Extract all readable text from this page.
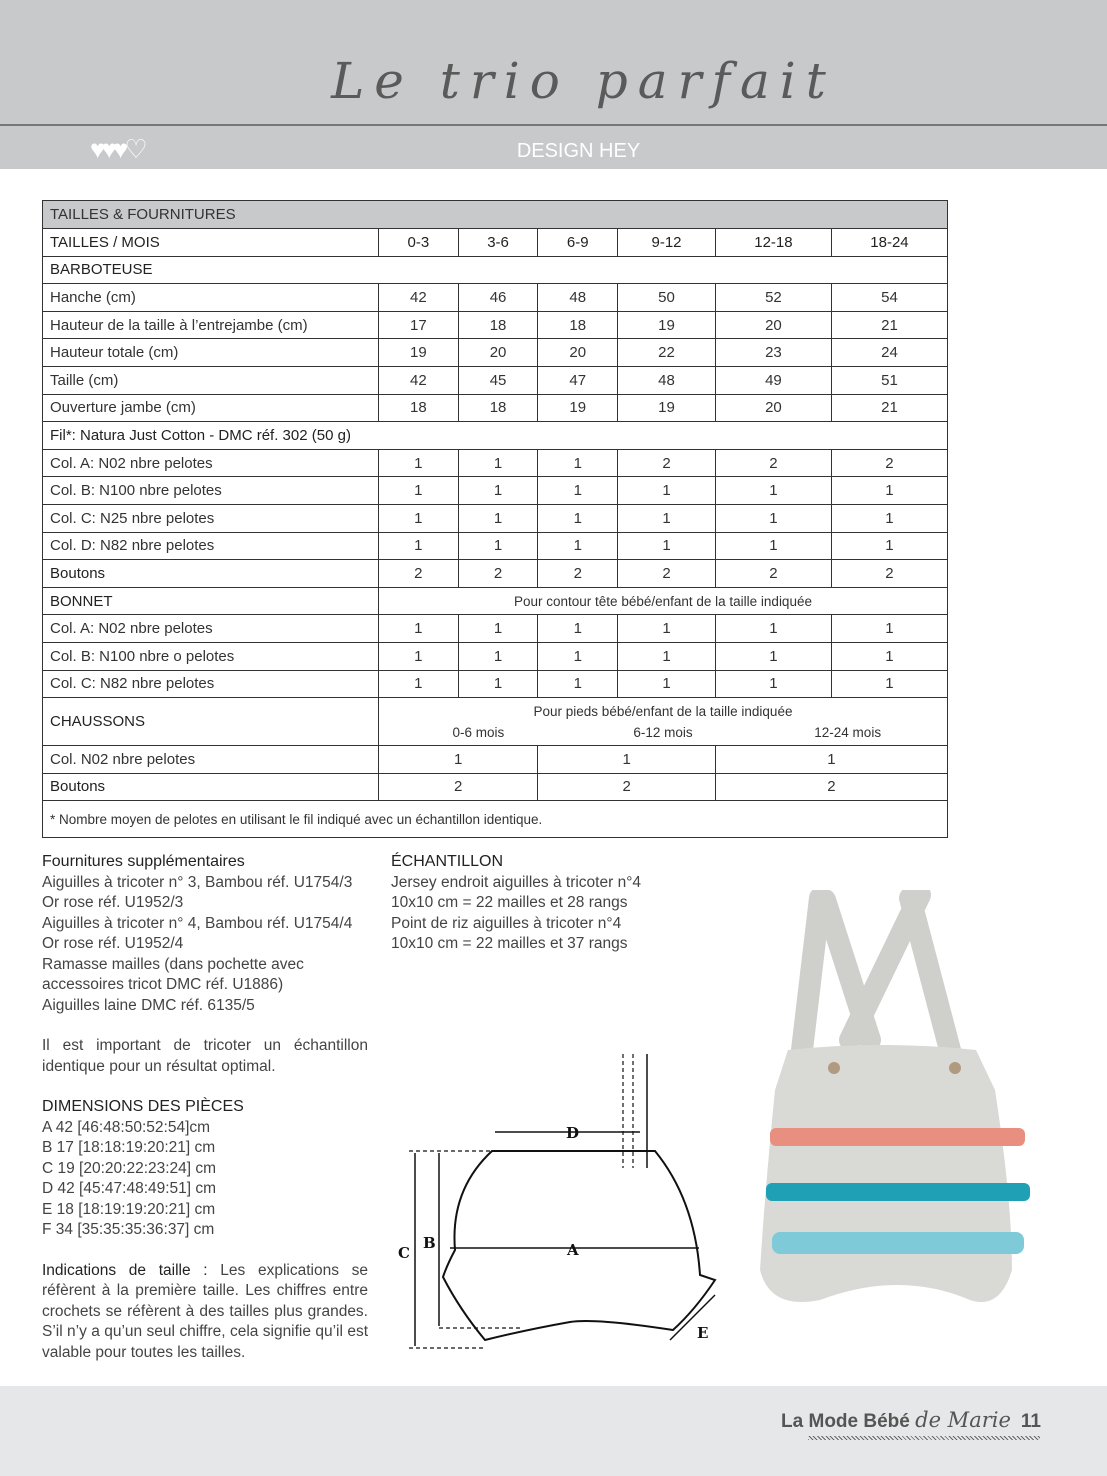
Le trio parfait
♥♥♥♡	DESIGN HEY
TAILLES & FOURNITURES						
TAILLES / MOIS	0-3	3-6	6-9	9-12	12-18	18-24
BARBOTEUSE						
Hanche (cm)	42	46	48	50	52	54
Hauteur de la taille à l’entrejambe (cm)	17	18	18	19	20	21
Hauteur totale (cm)	19	20	20	22	23	24
Taille (cm)	42	45	47	48	49	51
Ouverture jambe (cm)	18	18	19	19	20	21
Fil*: Natura Just Cotton - DMC réf. 302 (50 g)						
Col. A: N02 nbre pelotes	1	1	1	2	2	2
Col. B: N100 nbre pelotes	1	1	1	1	1	1
Col. C: N25 nbre pelotes	1	1	1	1	1	1
Col. D: N82 nbre pelotes	1	1	1	1	1	1
Boutons	2	2	2	2	2	2
BONNET	Pour contour tête bébé/enfant de la taille indiquée					
Col. A: N02 nbre pelotes	1	1	1	1	1	1
Col. B: N100 nbre o pelotes	1	1	1	1	1	1
Col. C: N82 nbre pelotes	1	1	1	1	1	1
CHAUSSONS	Pour pieds bébé/enfant de la taille indiquée
0-6 mois 6-12 mois 12-24 mois					

Col. N02 nbre pelotes	1		1		1	
Boutons	2		2		2	
* Nombre moyen de pelotes en utilisant le fil indiqué avec un échantillon identique.						
Fournitures supplémentaires
Aiguilles à tricoter n° 3, Bambou réf. U1754/3
Or rose réf. U1952/3
Aiguilles à tricoter n° 4, Bambou réf. U1754/4
Or rose réf. U1952/4
Ramasse mailles (dans pochette avec
accessoires tricot DMC réf. U1886)
Aiguilles laine DMC réf. 6135/5

Il est important de tricoter un échantillon identique pour un résultat optimal.

DIMENSIONS DES PIÈCES
A 42 [46:48:50:52:54]cm
B 17 [18:18:19:20:21] cm
C 19 [20:20:22:23:24] cm
D 42 [45:47:48:49:51] cm
E 18 [18:19:19:20:21] cm
F 34 [35:35:35:36:37] cm

Indications de taille : Les explications se réfèrent à la première taille. Les chiffres entre crochets se réfèrent à des tailles plus grandes. S’il n’y a qu’un seul chiffre, cela signifie qu’il est valable pour toutes les tailles.

ÉCHANTILLON
Jersey endroit aiguilles à tricoter n°4
10x10 cm = 22 mailles et 28 rangs
Point de riz aiguilles à tricoter n°4
10x10 cm = 22 mailles et 37 rangs
A
B
C
D
E
La Mode Bébé de Marie 11
